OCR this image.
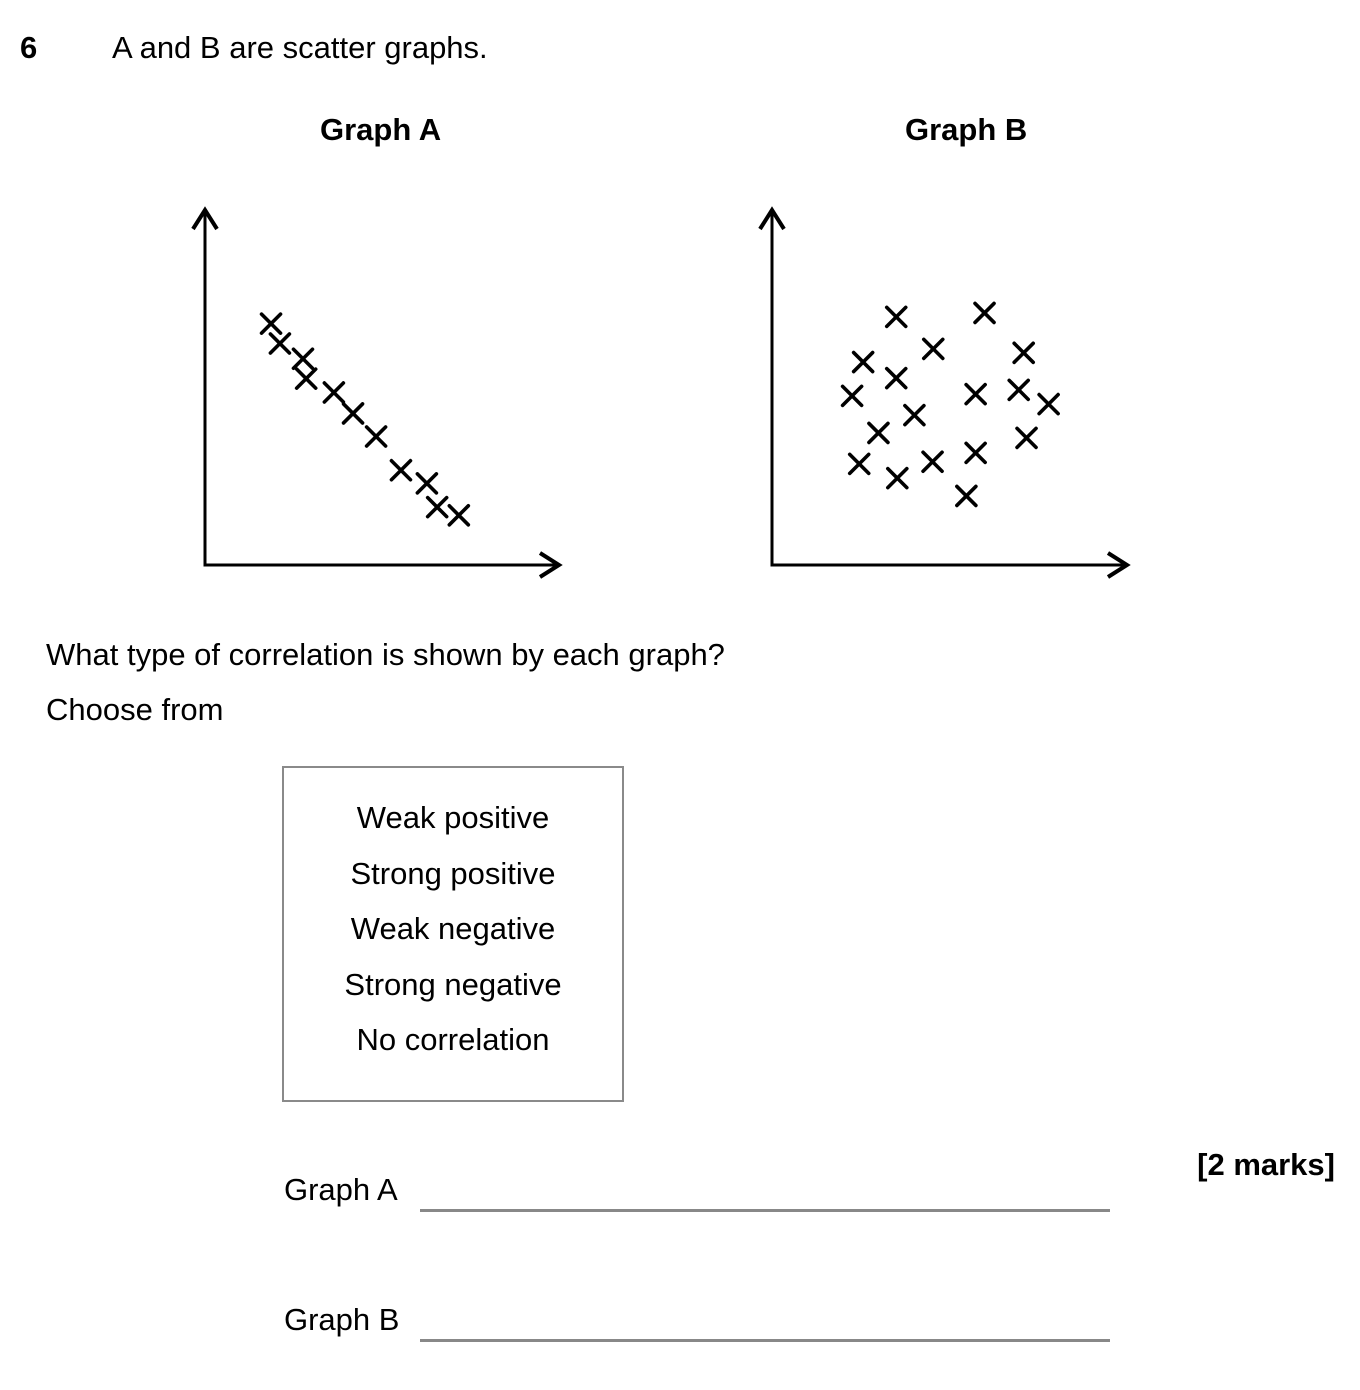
6 A and B are scatter graphs.
Graph A	Graph B
What type of correlation is shown by each graph?
Choose from
Weak positive
Strong positive
Weak negative
Strong negative
No correlation
Graph A
Graph B
[2 marks]
